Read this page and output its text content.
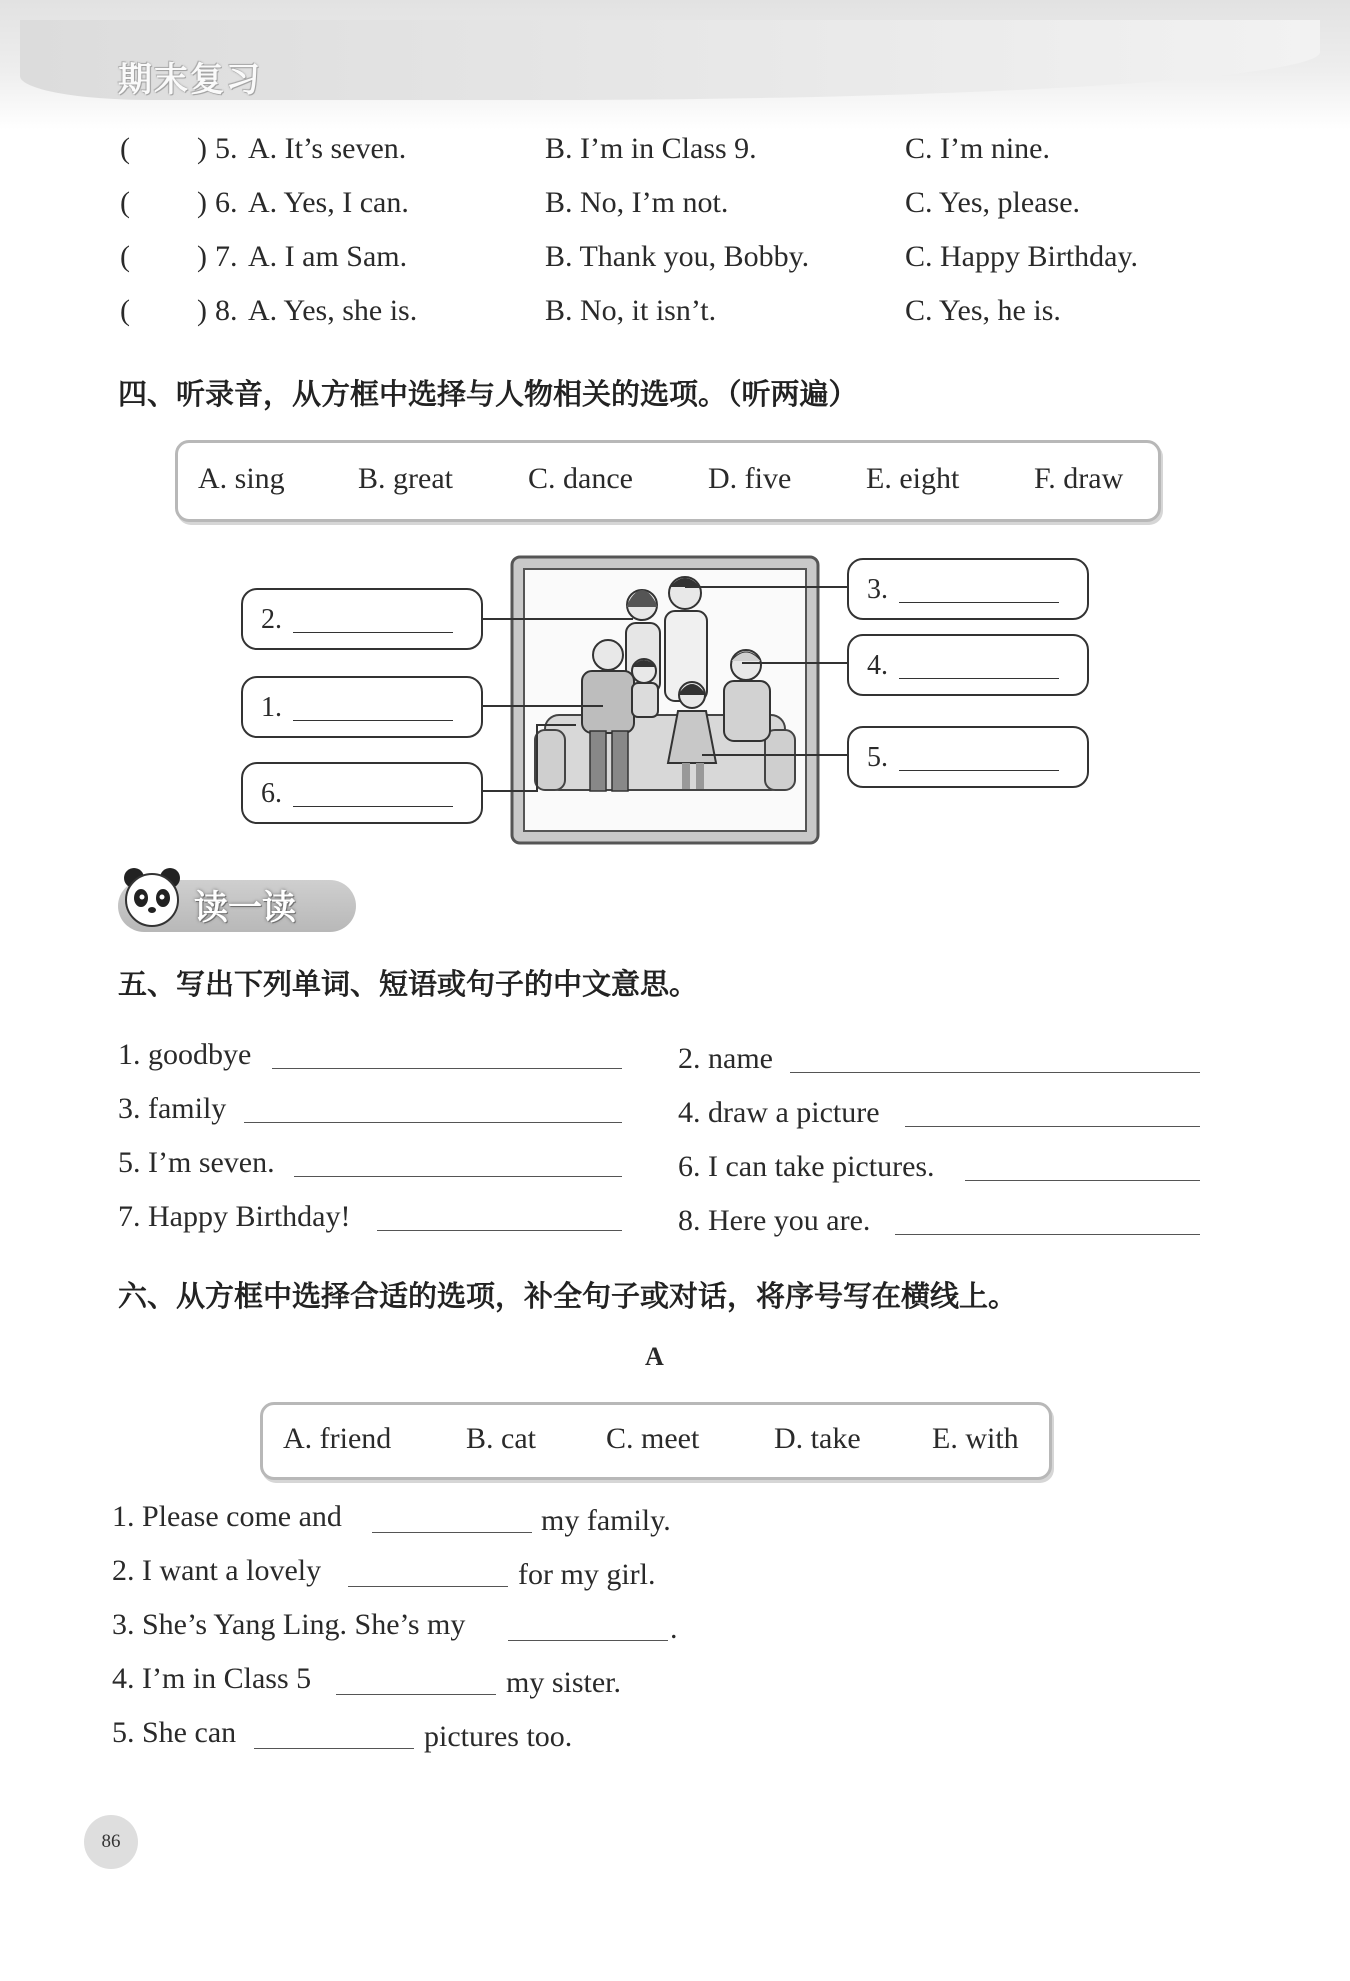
期末复习
( ) 5. A. It’s seven.	B. I’m in Class 9.	C. I’m nine.
( ) 6. A. Yes, I can.	B. No, I’m not.	C. Yes, please.
( ) 7. A. I am Sam.	B. Thank you, Bobby.	C. Happy Birthday.
( ) 8. A. Yes, she is.	B. No, it isn’t.	C. Yes, he is.
四、听录音，从方框中选择与人物相关的选项。（听两遍）
A. sing B. great	C. dance	D. five E. eight F. draw
2.
1.
6.
3.
4.
5.
读一读
五、写出下列单词、短语或句子的中文意思。
1. goodbye	2. name
3. family	4. draw a picture
5. I’m seven.	6. I can take pictures.
7. Happy Birthday!	8. Here you are.
六、从方框中选择合适的选项，补全句子或对话，将序号写在横线上。
A
A. friend B. cat C. meet D. take E. with
1. Please come and	my family.
2. I want a lovely	for my girl.
3. She’s Yang Ling. She’s my	.
4. I’m in Class 5	my sister.
5. She can	pictures too.
86
